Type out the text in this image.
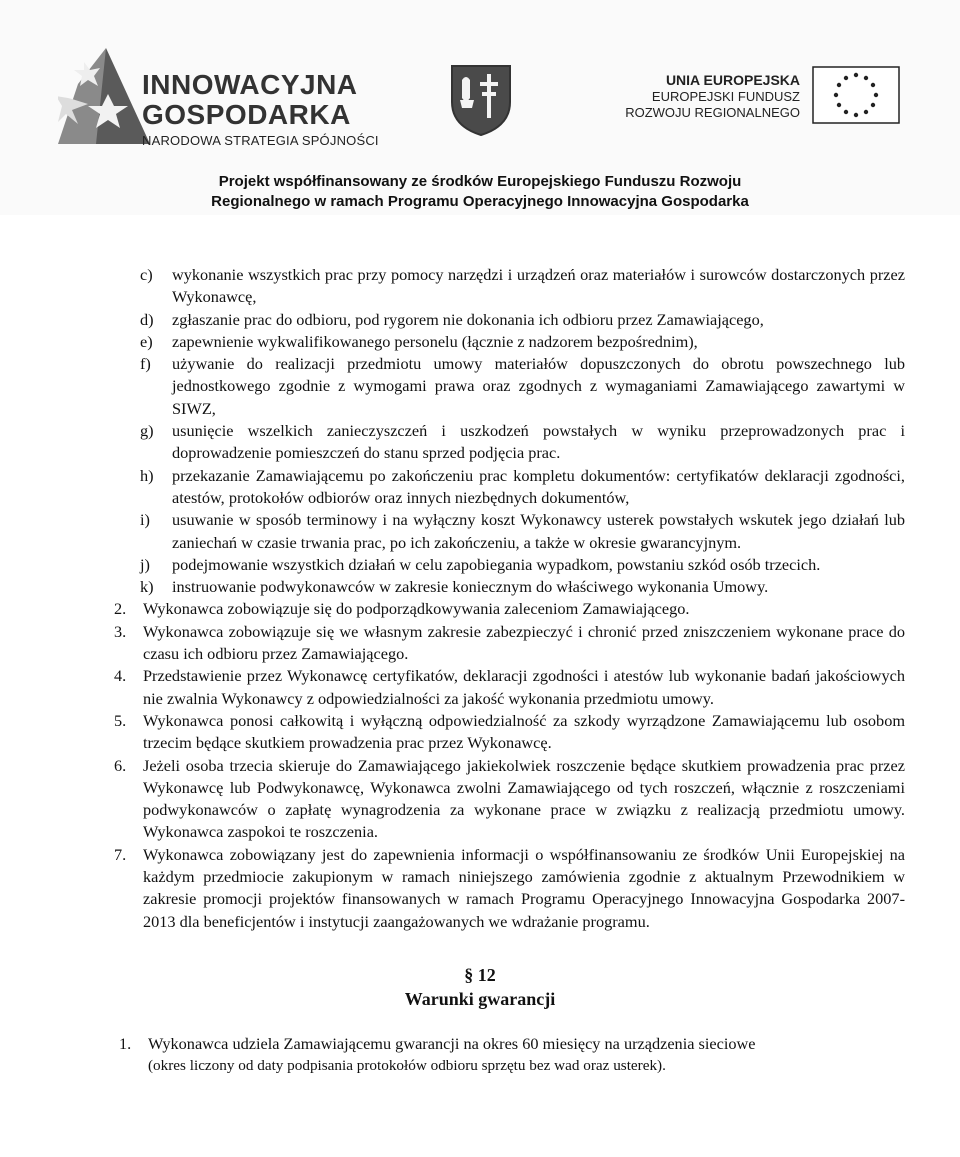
INNOWACYJNA
GOSPODARKA
NARODOWA STRATEGIA SPÓJNOŚCI
UNIA EUROPEJSKA
EUROPEJSKI FUNDUSZ
ROZWOJU REGIONALNEGO
Projekt współfinansowany ze środków Europejskiego Funduszu Rozwoju
Regionalnego w ramach Programu Operacyjnego Innowacyjna Gospodarka
c) wykonanie wszystkich prac przy pomocy narzędzi i urządzeń oraz materiałów i surowców dostarczonych przez Wykonawcę,
d) zgłaszanie prac do odbioru, pod rygorem nie dokonania ich odbioru przez Zamawiającego,
e) zapewnienie wykwalifikowanego personelu (łącznie z nadzorem bezpośrednim),
f) używanie do realizacji przedmiotu umowy materiałów dopuszczonych do obrotu powszechnego lub jednostkowego zgodnie z wymogami prawa oraz zgodnych z wymaganiami Zamawiającego zawartymi w SIWZ,
g) usunięcie wszelkich zanieczyszczeń i uszkodzeń powstałych w wyniku przeprowadzonych prac i doprowadzenie pomieszczeń do stanu sprzed podjęcia prac.
h) przekazanie Zamawiającemu po zakończeniu prac kompletu dokumentów: certyfikatów deklaracji zgodności, atestów, protokołów odbiorów oraz innych niezbędnych dokumentów,
i) usuwanie w sposób terminowy i na wyłączny koszt Wykonawcy usterek powstałych wskutek jego działań lub zaniechań w czasie trwania prac, po ich zakończeniu, a także w okresie gwarancyjnym.
j) podejmowanie wszystkich działań w celu zapobiegania wypadkom, powstaniu szkód osób trzecich.
k) instruowanie podwykonawców w zakresie koniecznym do właściwego wykonania Umowy.
2. Wykonawca zobowiązuje się do podporządkowywania zaleceniom Zamawiającego.
3. Wykonawca zobowiązuje się we własnym zakresie zabezpieczyć i chronić przed zniszczeniem wykonane prace do czasu ich odbioru przez Zamawiającego.
4. Przedstawienie przez Wykonawcę certyfikatów, deklaracji zgodności i atestów lub wykonanie badań jakościowych nie zwalnia Wykonawcy z odpowiedzialności za jakość wykonania przedmiotu umowy.
5. Wykonawca ponosi całkowitą i wyłączną odpowiedzialność za szkody wyrządzone Zamawiającemu lub osobom trzecim będące skutkiem prowadzenia prac przez Wykonawcę.
6. Jeżeli osoba trzecia skieruje do Zamawiającego jakiekolwiek roszczenie będące skutkiem prowadzenia prac przez Wykonawcę lub Podwykonawcę, Wykonawca zwolni Zamawiającego od tych roszczeń, włącznie z roszczeniami podwykonawców o zapłatę wynagrodzenia za wykonane prace w związku z realizacją przedmiotu umowy. Wykonawca zaspokoi te roszczenia.
7. Wykonawca zobowiązany jest do zapewnienia informacji o współfinansowaniu ze środków Unii Europejskiej na każdym przedmiocie zakupionym w ramach niniejszego zamówienia zgodnie z aktualnym Przewodnikiem w zakresie promocji projektów finansowanych w ramach Programu Operacyjnego Innowacyjna Gospodarka 2007-2013 dla beneficjentów i instytucji zaangażowanych we wdrażanie programu.
§ 12
Warunki gwarancji
1. Wykonawca udziela Zamawiającemu gwarancji na okres 60 miesięcy na urządzenia sieciowe
(okres liczony od daty podpisania protokołów odbioru sprzętu bez wad oraz usterek).
